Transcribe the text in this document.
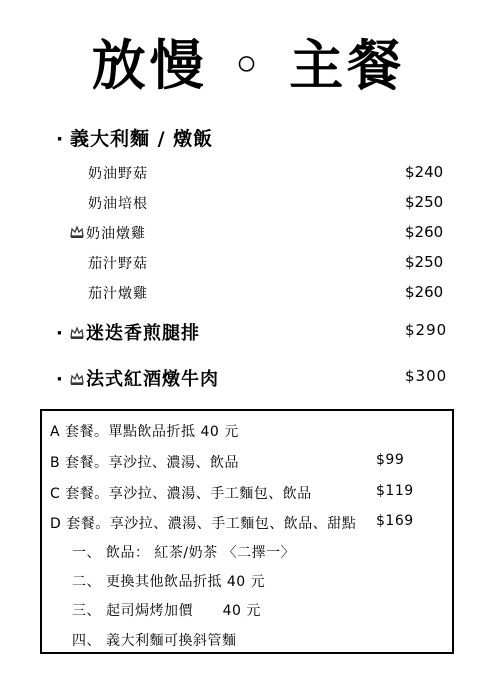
放慢 ◦ 主餐
· 義大利麵 / 燉飯
奶油野菇	$240
奶油培根	$250
奶油燉雞	$260
茄汁野菇	$250
茄汁燉雞	$260
· 迷迭香煎腿排	$290
· 法式紅酒燉牛肉	$300
A 套餐。單點飲品折抵 40 元
B 套餐。享沙拉、濃湯、飲品	$99
C 套餐。享沙拉、濃湯、手工麵包、飲品	$119
D 套餐。享沙拉、濃湯、手工麵包、飲品、甜點 $169
一、 飲品： 紅茶/奶茶 〈二擇一〉
二、 更換其他飲品折抵 40 元
三、 起司焗烤加價      40 元
四、 義大利麵可換斜管麵
